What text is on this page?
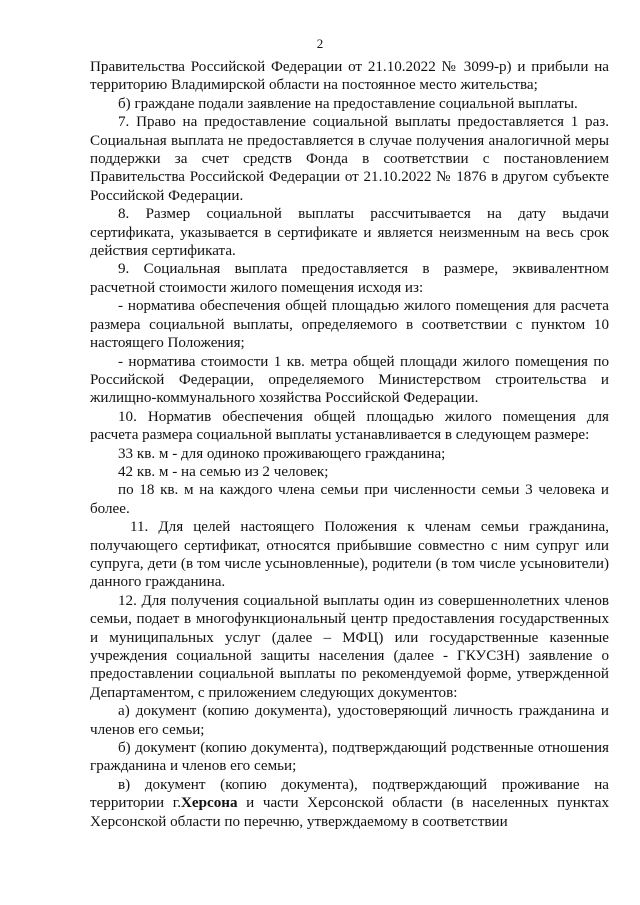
2

Правительства Российской Федерации от 21.10.2022 № 3099-р) и прибыли на территорию Владимирской области на постоянное место жительства;

б) граждане подали заявление на предоставление социальной выплаты.

7. Право на предоставление социальной выплаты предоставляется 1 раз. Социальная выплата не предоставляется в случае получения аналогичной меры поддержки за счет средств Фонда в соответствии с постановлением Правительства Российской Федерации от 21.10.2022 № 1876 в другом субъекте Российской Федерации.

8. Размер социальной выплаты рассчитывается на дату выдачи сертификата, указывается в сертификате и является неизменным на весь срок действия сертификата.

9. Социальная выплата предоставляется в размере, эквивалентном расчетной стоимости жилого помещения исходя из:

- норматива обеспечения общей площадью жилого помещения для расчета размера социальной выплаты, определяемого в соответствии с пунктом 10 настоящего Положения;

- норматива стоимости 1 кв. метра общей площади жилого помещения по Российской Федерации, определяемого Министерством строительства и жилищно-коммунального хозяйства Российской Федерации.

10. Норматив обеспечения общей площадью жилого помещения для расчета размера социальной выплаты устанавливается в следующем размере:

33 кв. м - для одиноко проживающего гражданина;

42 кв. м - на семью из 2 человек;

по 18 кв. м на каждого члена семьи при численности семьи 3 человека и более.

11. Для целей настоящего Положения к членам семьи гражданина, получающего сертификат, относятся прибывшие совместно с ним супруг или супруга, дети (в том числе усыновленные), родители (в том числе усыновители) данного гражданина.

12. Для получения социальной выплаты один из совершеннолетних членов семьи, подает в многофункциональный центр предоставления государственных и муниципальных услуг (далее – МФЦ) или государственные казенные учреждения социальной защиты населения (далее - ГКУСЗН) заявление о предоставлении социальной выплаты по рекомендуемой форме, утвержденной Департаментом, с приложением следующих документов:

а) документ (копию документа), удостоверяющий личность гражданина и членов его семьи;

б) документ (копию документа), подтверждающий родственные отношения гражданина и членов его семьи;

в) документ (копию документа), подтверждающий проживание на территории г.Херсона и части Херсонской области (в населенных пунктах Херсонской области по перечню, утверждаемому в соответствии
